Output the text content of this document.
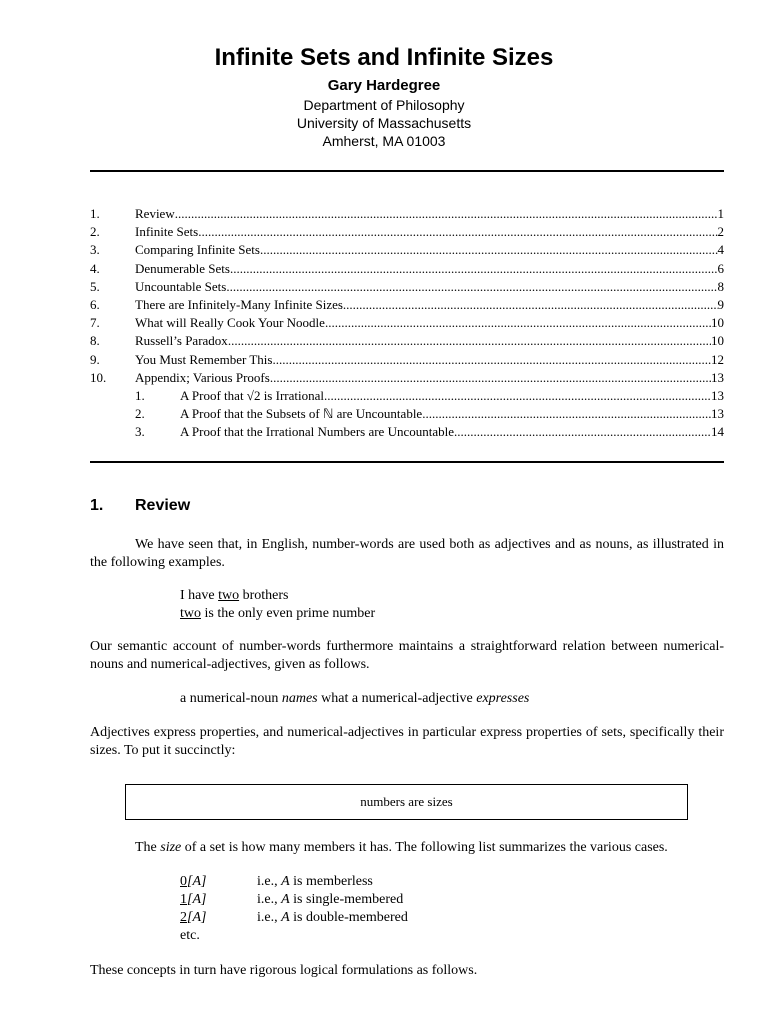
Infinite Sets and Infinite Sizes
Gary Hardegree
Department of Philosophy
University of Massachusetts
Amherst, MA 01003
1.	Review .....	1
2.	Infinite Sets .....	2
3.	Comparing Infinite Sets .....	4
4.	Denumerable Sets .....	6
5.	Uncountable Sets .....	8
6.	There are Infinitely-Many Infinite Sizes .....	9
7.	What will Really Cook Your Noodle .....	10
8.	Russell’s Paradox .....	10
9.	You Must Remember This .....	12
10.	Appendix; Various Proofs .....	13
1.	A Proof that √2 is Irrational .....	13
2.	A Proof that the Subsets of ℕ are Uncountable .....	13
3.	A Proof that the Irrational Numbers are Uncountable .....	14
1. Review
We have seen that, in English, number-words are used both as adjectives and as nouns, as illustrated in the following examples.
I have two brothers
two is the only even prime number
Our semantic account of number-words furthermore maintains a straightforward relation between numerical-nouns and numerical-adjectives, given as follows.
a numerical-noun names what a numerical-adjective expresses
Adjectives express properties, and numerical-adjectives in particular express properties of sets, specifically their sizes. To put it succinctly:
numbers are sizes
The size of a set is how many members it has. The following list summarizes the various cases.
0[A]	i.e., A is memberless
1[A]	i.e., A is single-membered
2[A]	i.e., A is double-membered
etc.
These concepts in turn have rigorous logical formulations as follows.
